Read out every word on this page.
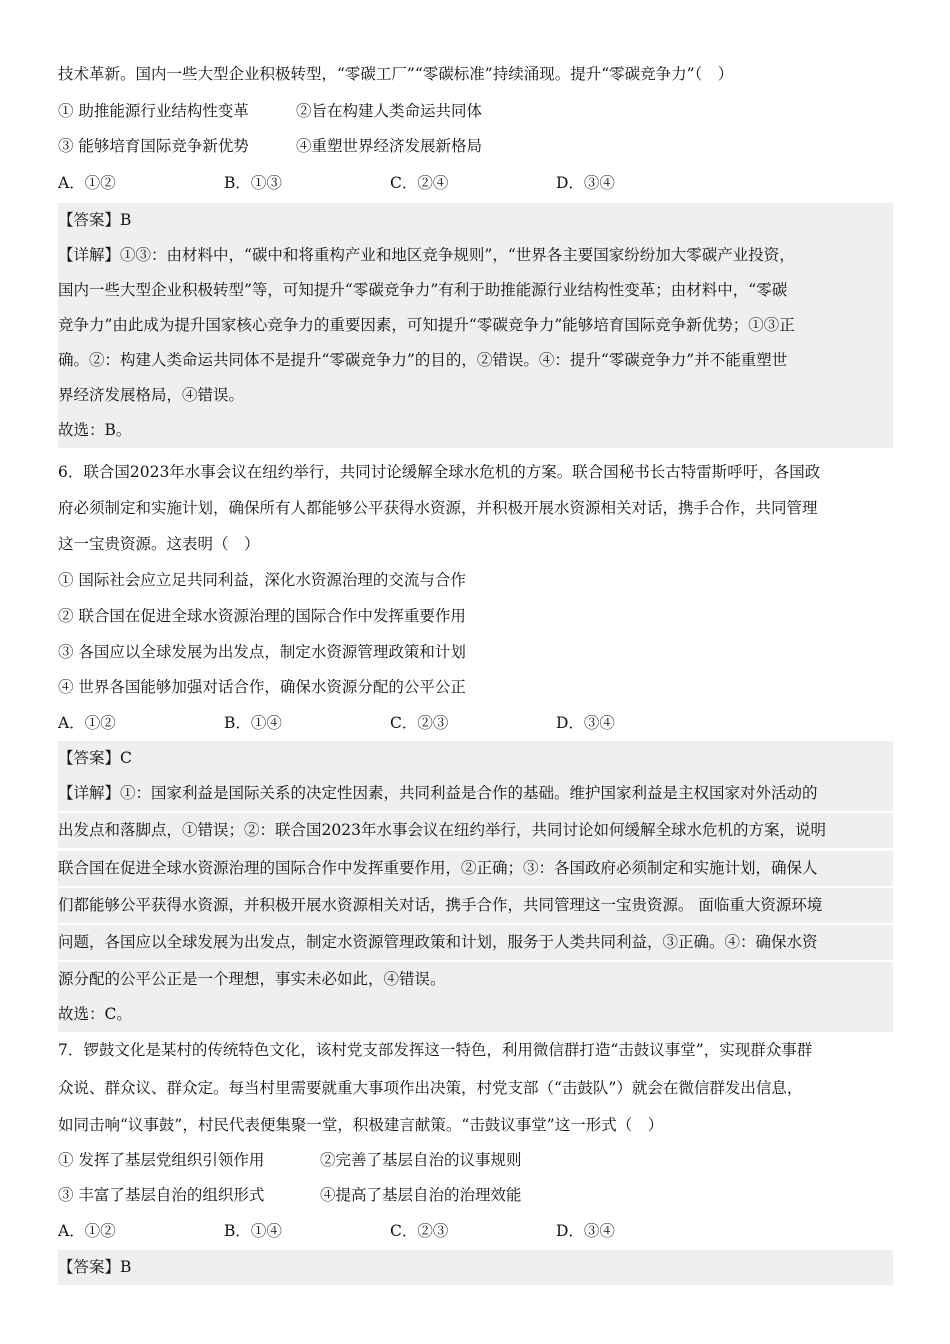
技术革新。国内一些大型企业积极转型，“零碳工厂”“零碳标准”持续涌现。提升“零碳竞争力”（　）
① 助推能源行业结构性变革	②旨在构建人类命运共同体
③ 能够培育国际竞争新优势	④重塑世界经济发展新格局
A．①②	B．①③	C．②④	D．③④
【答案】B
【详解】①③：由材料中，“碳中和将重构产业和地区竞争规则”，“世界各主要国家纷纷加大零碳产业投资，
国内一些大型企业积极转型”等，可知提升“零碳竞争力”有利于助推能源行业结构性变革；由材料中，“零碳
竞争力”由此成为提升国家核心竞争力的重要因素，可知提升“零碳竞争力”能够培育国际竞争新优势；①③正
确。②：构建人类命运共同体不是提升“零碳竞争力”的目的，②错误。④：提升“零碳竞争力”并不能重塑世
界经济发展格局，④错误。
故选：B。
6．联合国2023年水事会议在纽约举行，共同讨论缓解全球水危机的方案。联合国秘书长古特雷斯呼吁，各国政
府必须制定和实施计划，确保所有人都能够公平获得水资源，并积极开展水资源相关对话，携手合作，共同管理
这一宝贵资源。这表明（　）
① 国际社会应立足共同利益，深化水资源治理的交流与合作
② 联合国在促进全球水资源治理的国际合作中发挥重要作用
③ 各国应以全球发展为出发点，制定水资源管理政策和计划
④ 世界各国能够加强对话合作，确保水资源分配的公平公正
A．①②	B．①④	C．②③	D．③④
【答案】C
【详解】①：国家利益是国际关系的决定性因素，共同利益是合作的基础。维护国家利益是主权国家对外活动的
出发点和落脚点，①错误；②：联合国2023年水事会议在纽约举行，共同讨论如何缓解全球水危机的方案，说明
联合国在促进全球水资源治理的国际合作中发挥重要作用，②正确；③：各国政府必须制定和实施计划，确保人
们都能够公平获得水资源，并积极开展水资源相关对话，携手合作，共同管理这一宝贵资源。 面临重大资源环境
问题，各国应以全球发展为出发点，制定水资源管理政策和计划，服务于人类共同利益，③正确。④：确保水资
源分配的公平公正是一个理想，事实未必如此，④错误。
故选：C。
7．锣鼓文化是某村的传统特色文化，该村党支部发挥这一特色，利用微信群打造“击鼓议事堂”，实现群众事群
众说、群众议、群众定。每当村里需要就重大事项作出决策，村党支部（“击鼓队”）就会在微信群发出信息，
如同击响“议事鼓”，村民代表便集聚一堂，积极建言献策。“击鼓议事堂”这一形式（　）
① 发挥了基层党组织引领作用	②完善了基层自治的议事规则
③ 丰富了基层自治的组织形式	④提高了基层自治的治理效能
A．①②	B．①④	C．②③	D．③④
【答案】B
